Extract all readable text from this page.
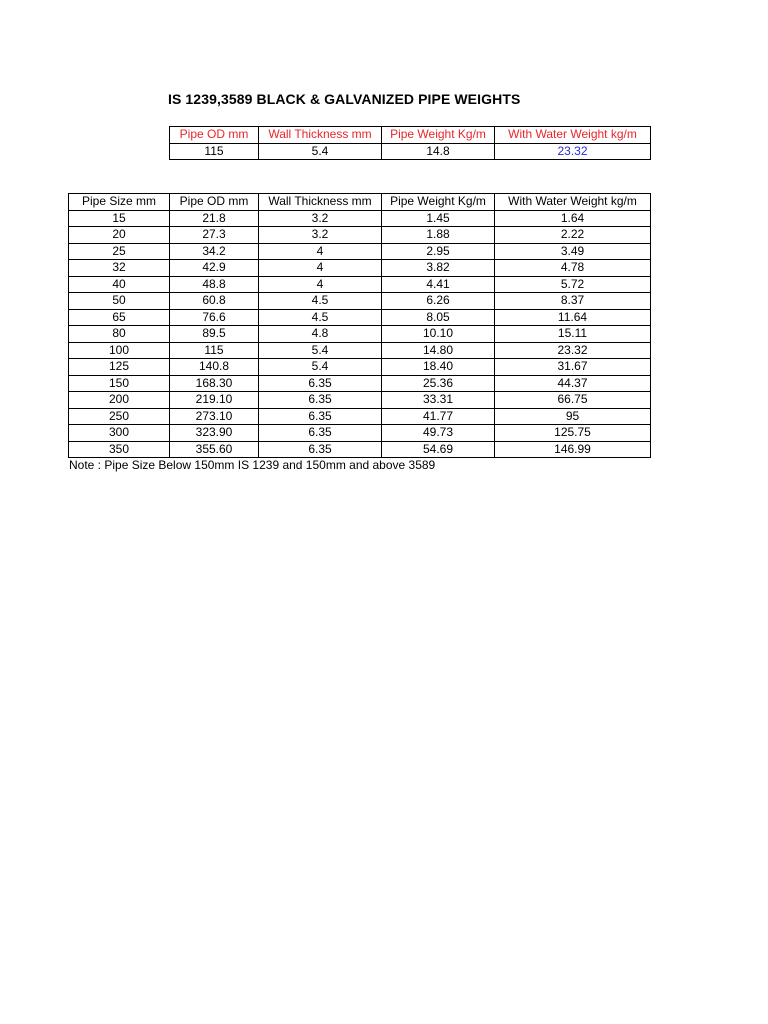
IS 1239,3589 BLACK & GALVANIZED PIPE WEIGHTS
Pipe OD mm	Wall Thickness mm	Pipe Weight Kg/m	With Water Weight kg/m
115	5.4	14.8	23.32
Pipe Size mm	Pipe OD mm	Wall Thickness mm	Pipe Weight Kg/m	With Water Weight kg/m
15	21.8	3.2	1.45	1.64
20	27.3	3.2	1.88	2.22
25	34.2	4	2.95	3.49
32	42.9	4	3.82	4.78
40	48.8	4	4.41	5.72
50	60.8	4.5	6.26	8.37
65	76.6	4.5	8.05	11.64
80	89.5	4.8	10.10	15.11
100	115	5.4	14.80	23.32
125	140.8	5.4	18.40	31.67
150	168.30	6.35	25.36	44.37
200	219.10	6.35	33.31	66.75
250	273.10	6.35	41.77	95
300	323.90	6.35	49.73	125.75
350	355.60	6.35	54.69	146.99
Note : Pipe Size Below 150mm IS 1239 and 150mm and above 3589
